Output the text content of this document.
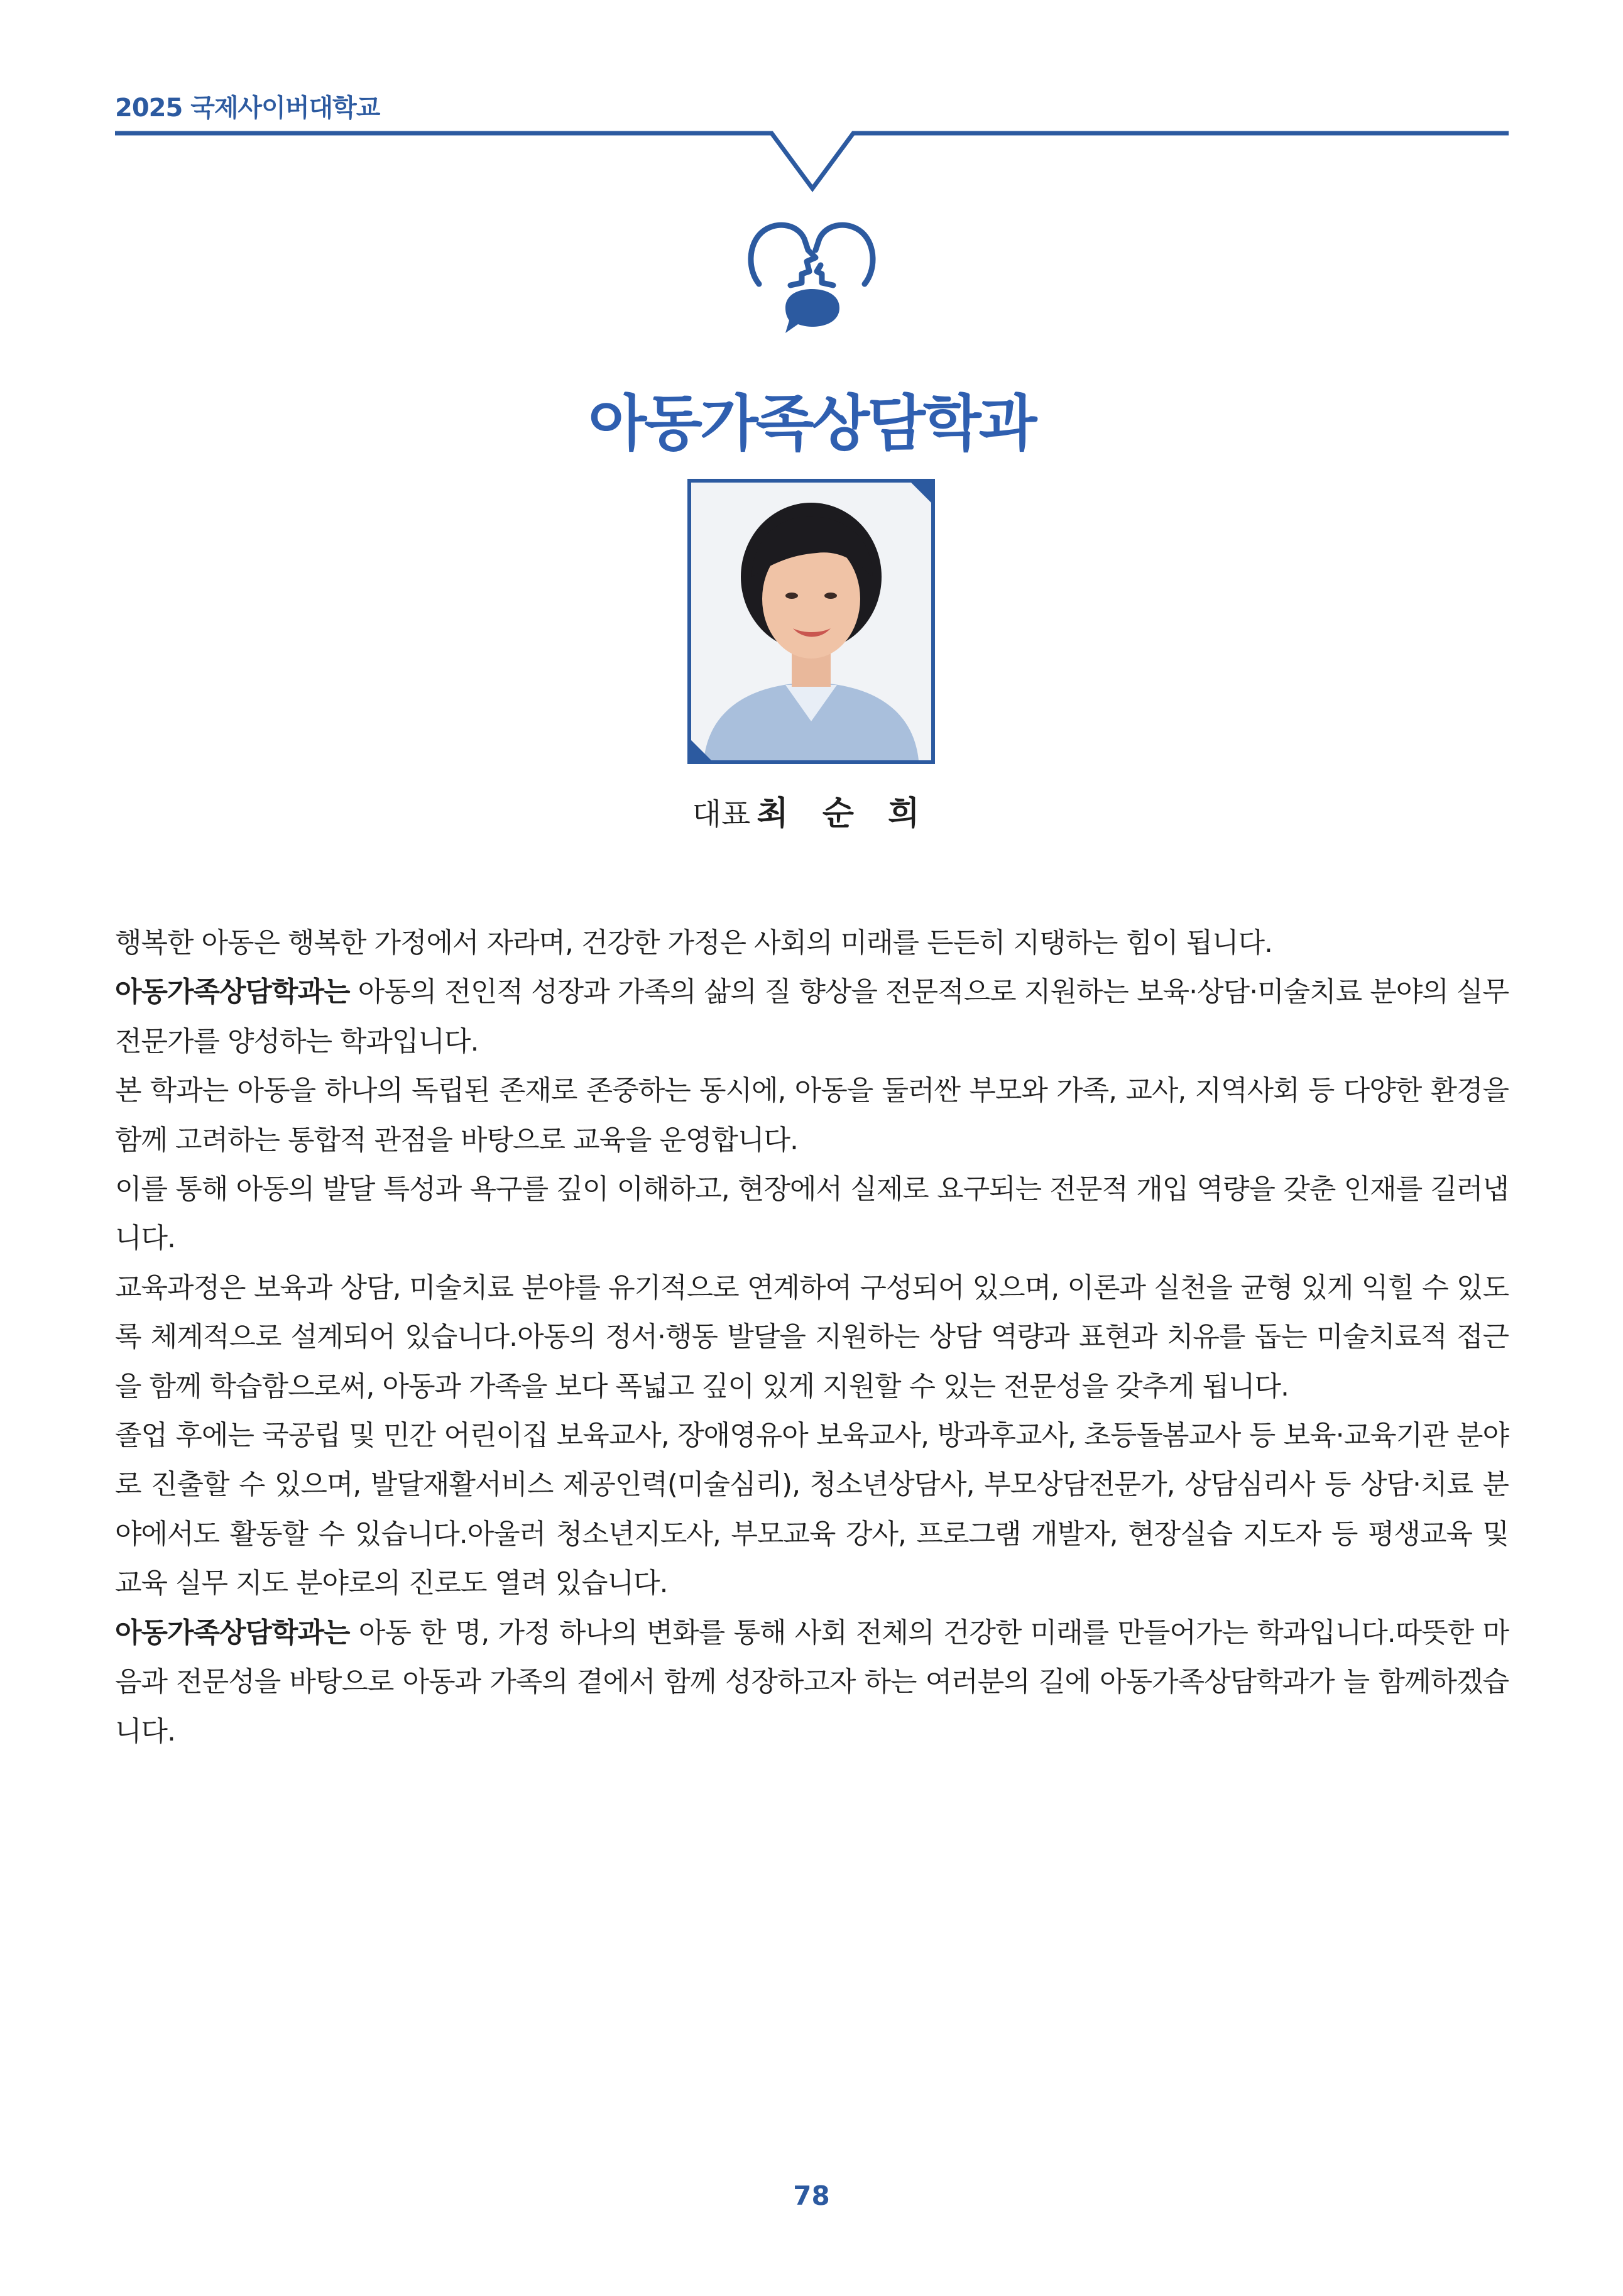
2025 국제사이버대학교
아동가족상담학과
대표 최 순 희

행복한 아동은 행복한 가정에서 자라며, 건강한 가정은 사회의 미래를 든든히 지탱하는 힘이 됩니다.

아동가족상담학과는 아동의 전인적 성장과 가족의 삶의 질 향상을 전문적으로 지원하는 보육·상담·미술치료 분야의 실무 전문가를 양성하는 학과입니다.

본 학과는 아동을 하나의 독립된 존재로 존중하는 동시에, 아동을 둘러싼 부모와 가족, 교사, 지역사회 등 다양한 환경을 함께 고려하는 통합적 관점을 바탕으로 교육을 운영합니다.

이를 통해 아동의 발달 특성과 욕구를 깊이 이해하고, 현장에서 실제로 요구되는 전문적 개입 역량을 갖춘 인재를 길러냅니다.

교육과정은 보육과 상담, 미술치료 분야를 유기적으로 연계하여 구성되어 있으며, 이론과 실천을 균형 있게 익힐 수 있도록 체계적으로 설계되어 있습니다.아동의 정서·행동 발달을 지원하는 상담 역량과 표현과 치유를 돕는 미술치료적 접근을 함께 학습함으로써, 아동과 가족을 보다 폭넓고 깊이 있게 지원할 수 있는 전문성을 갖추게 됩니다.

졸업 후에는 국공립 및 민간 어린이집 보육교사, 장애영유아 보육교사, 방과후교사, 초등돌봄교사 등 보육·교육기관 분야로 진출할 수 있으며, 발달재활서비스 제공인력(미술심리), 청소년상담사, 부모상담전문가, 상담심리사 등 상담·치료 분야에서도 활동할 수 있습니다.아울러 청소년지도사, 부모교육 강사, 프로그램 개발자, 현장실습 지도자 등 평생교육 및 교육 실무 지도 분야로의 진로도 열려 있습니다.

아동가족상담학과는 아동 한 명, 가정 하나의 변화를 통해 사회 전체의 건강한 미래를 만들어가는 학과입니다.따뜻한 마음과 전문성을 바탕으로 아동과 가족의 곁에서 함께 성장하고자 하는 여러분의 길에 아동가족상담학과가 늘 함께하겠습니다.

78
